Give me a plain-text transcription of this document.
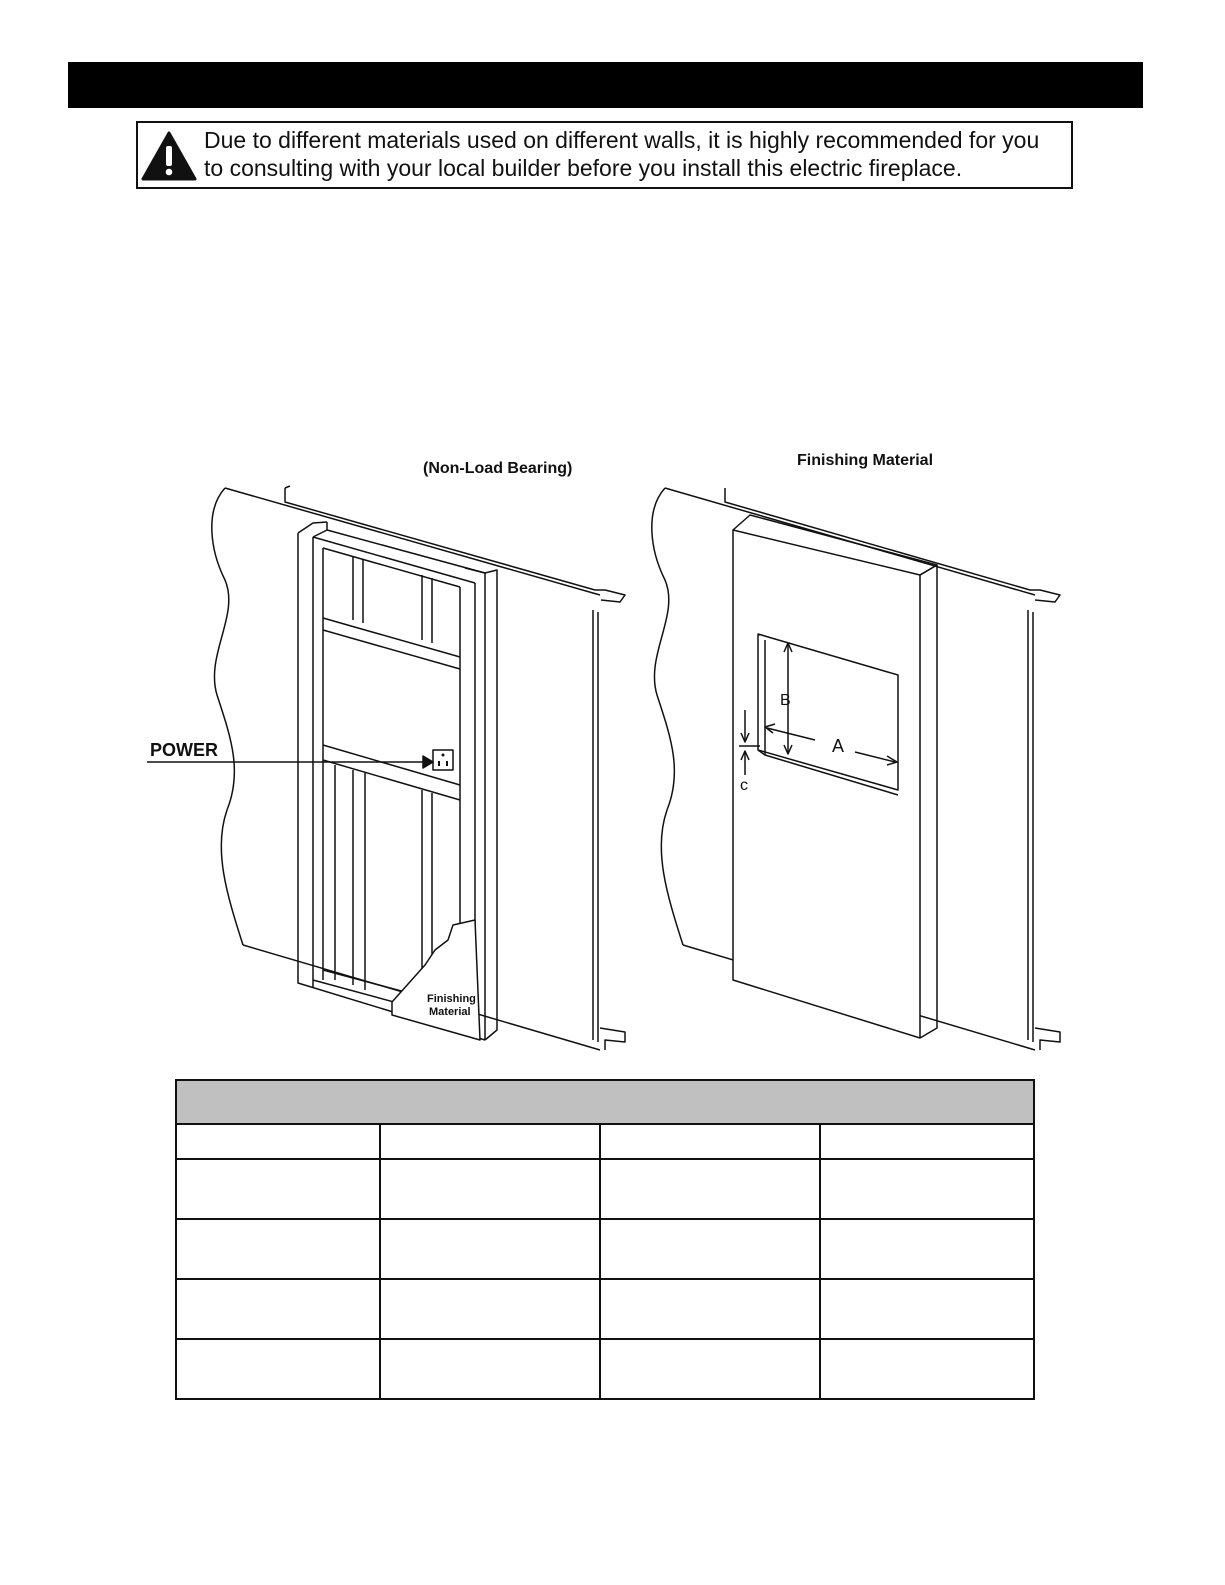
Due to different materials used on different walls, it is highly recommended for you
to consulting with your local builder before you install this electric fireplace.
(Non-Load Bearing)
POWER
Finishing
Material
Finishing Material
A
B
c
